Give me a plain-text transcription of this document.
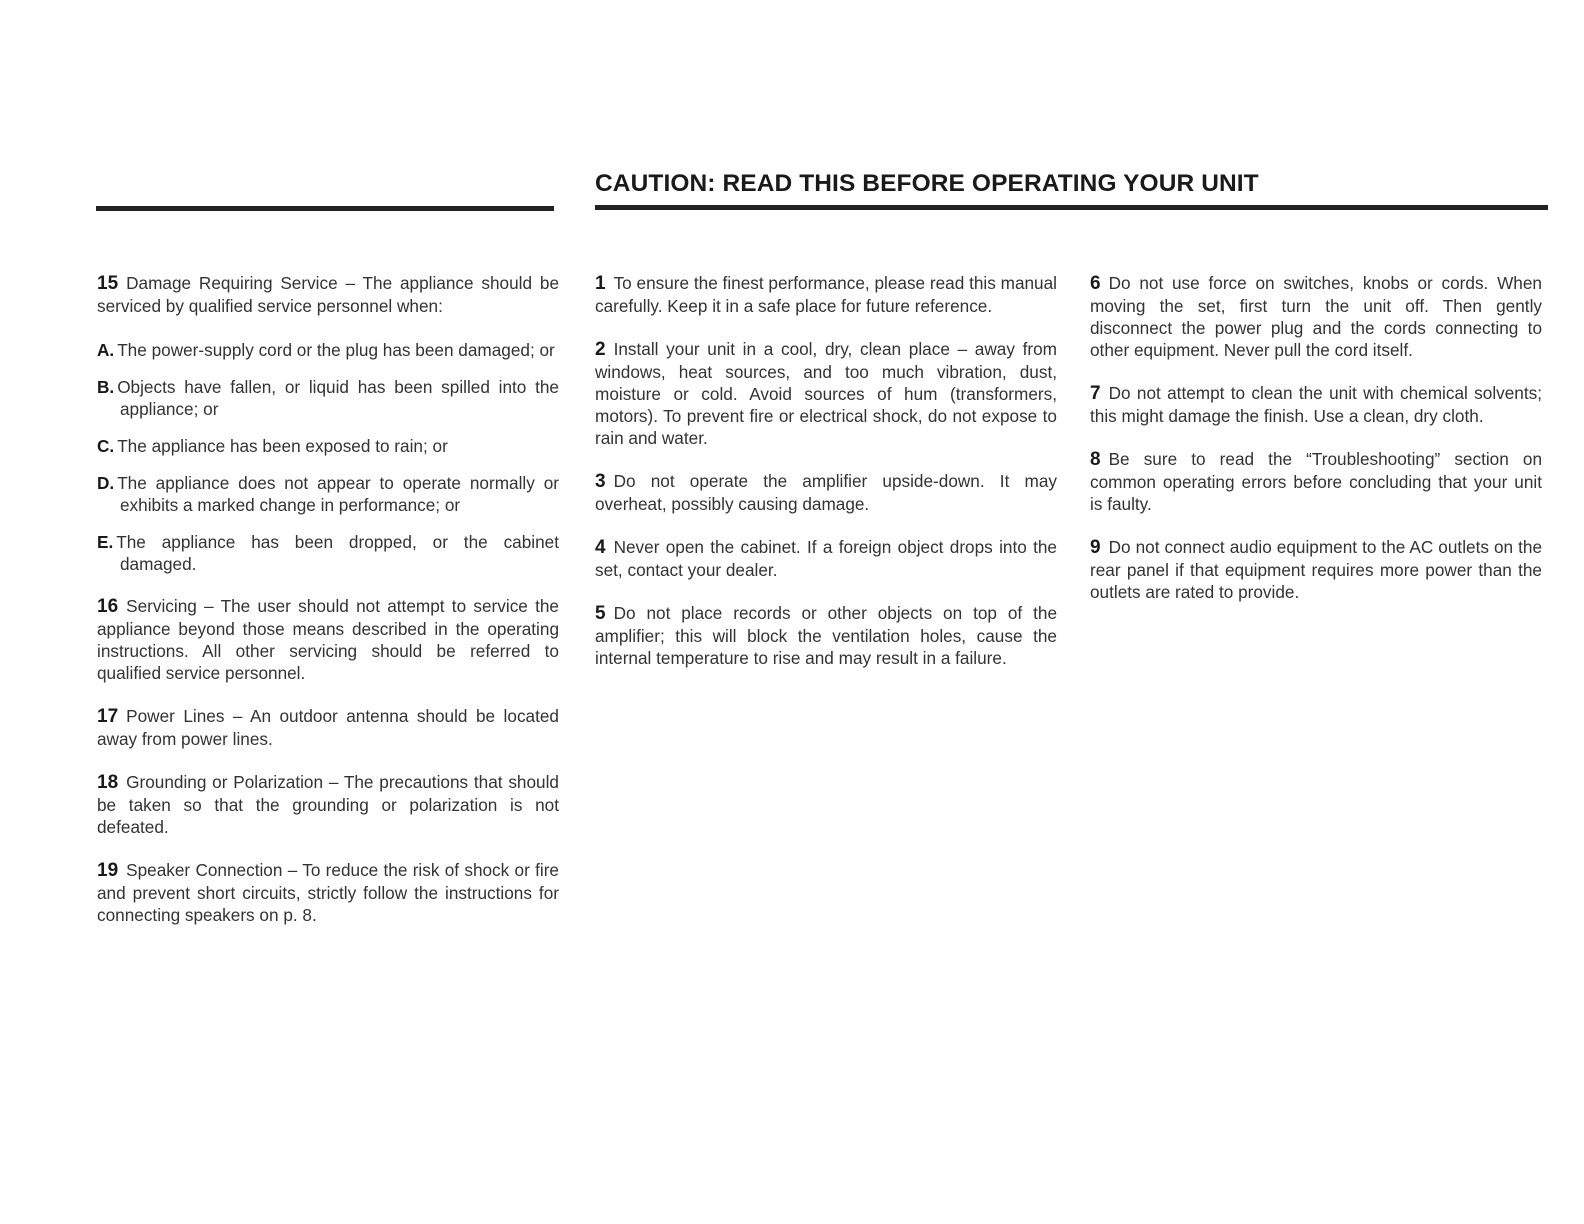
CAUTION: READ THIS BEFORE OPERATING YOUR UNIT
15 Damage Requiring Service – The appliance should be serviced by qualified service personnel when:
A. The power-supply cord or the plug has been damaged; or
B. Objects have fallen, or liquid has been spilled into the appliance; or
C. The appliance has been exposed to rain; or
D. The appliance does not appear to operate normally or exhibits a marked change in performance; or
E. The appliance has been dropped, or the cabinet damaged.
16 Servicing – The user should not attempt to service the appliance beyond those means described in the operating instructions. All other servicing should be referred to qualified service personnel.
17 Power Lines – An outdoor antenna should be located away from power lines.
18 Grounding or Polarization – The precautions that should be taken so that the grounding or polarization is not defeated.
19 Speaker Connection – To reduce the risk of shock or fire and prevent short circuits, strictly follow the instructions for connecting speakers on p. 8.
1 To ensure the finest performance, please read this manual carefully. Keep it in a safe place for future reference.
2 Install your unit in a cool, dry, clean place – away from windows, heat sources, and too much vibration, dust, moisture or cold. Avoid sources of hum (transformers, motors). To prevent fire or electrical shock, do not expose to rain and water.
3 Do not operate the amplifier upside-down. It may overheat, possibly causing damage.
4 Never open the cabinet. If a foreign object drops into the set, contact your dealer.
5 Do not place records or other objects on top of the amplifier; this will block the ventilation holes, cause the internal temperature to rise and may result in a failure.
6 Do not use force on switches, knobs or cords. When moving the set, first turn the unit off. Then gently disconnect the power plug and the cords connecting to other equipment. Never pull the cord itself.
7 Do not attempt to clean the unit with chemical solvents; this might damage the finish. Use a clean, dry cloth.
8 Be sure to read the “Troubleshooting” section on common operating errors before concluding that your unit is faulty.
9 Do not connect audio equipment to the AC outlets on the rear panel if that equipment requires more power than the outlets are rated to provide.
